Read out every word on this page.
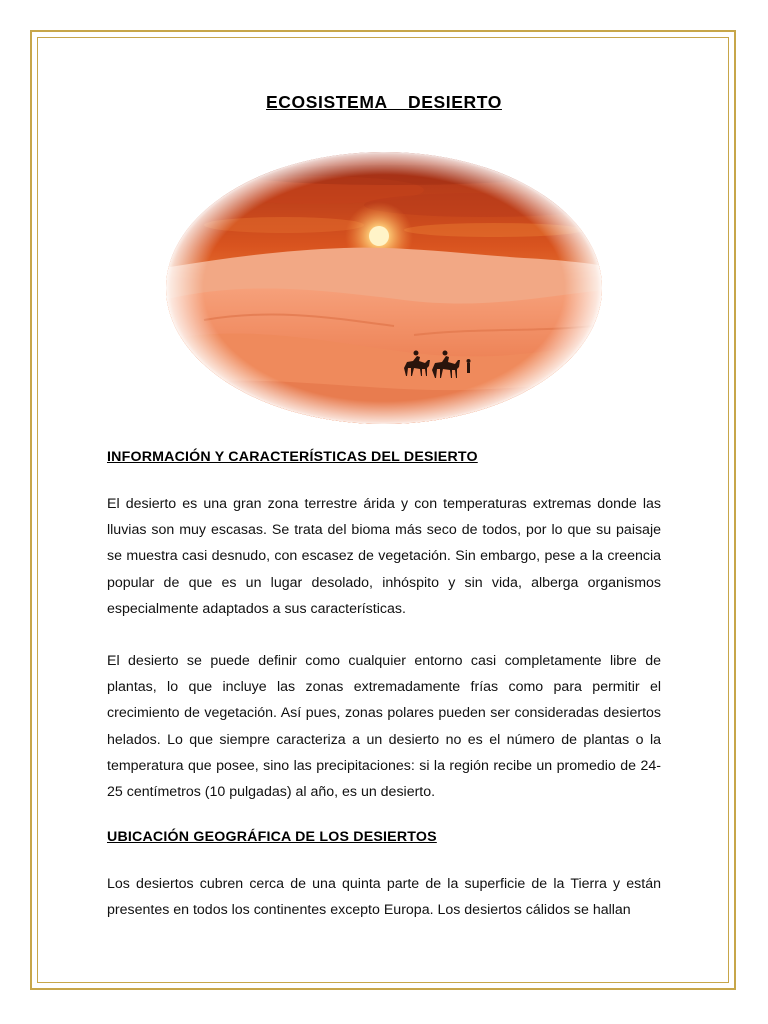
ECOSISTEMA  DESIERTO
INFORMACIÓN Y CARACTERÍSTICAS DEL DESIERTO

El desierto es una gran zona terrestre árida y con temperaturas extremas donde las lluvias son muy escasas. Se trata del bioma más seco de todos, por lo que su paisaje se muestra casi desnudo, con escasez de vegetación. Sin embargo, pese a la creencia popular de que es un lugar desolado, inhóspito y sin vida, alberga organismos especialmente adaptados a sus características.

El desierto se puede definir como cualquier entorno casi completamente libre de plantas, lo que incluye las zonas extremadamente frías como para permitir el crecimiento de vegetación. Así pues, zonas polares pueden ser consideradas desiertos helados. Lo que siempre caracteriza a un desierto no es el número de plantas o la temperatura que posee, sino las precipitaciones: si la región recibe un promedio de 24-25 centímetros (10 pulgadas) al año, es un desierto.

UBICACIÓN GEOGRÁFICA DE LOS DESIERTOS

Los desiertos cubren cerca de una quinta parte de la superficie de la Tierra y están presentes en todos los continentes excepto Europa. Los desiertos cálidos se hallan
